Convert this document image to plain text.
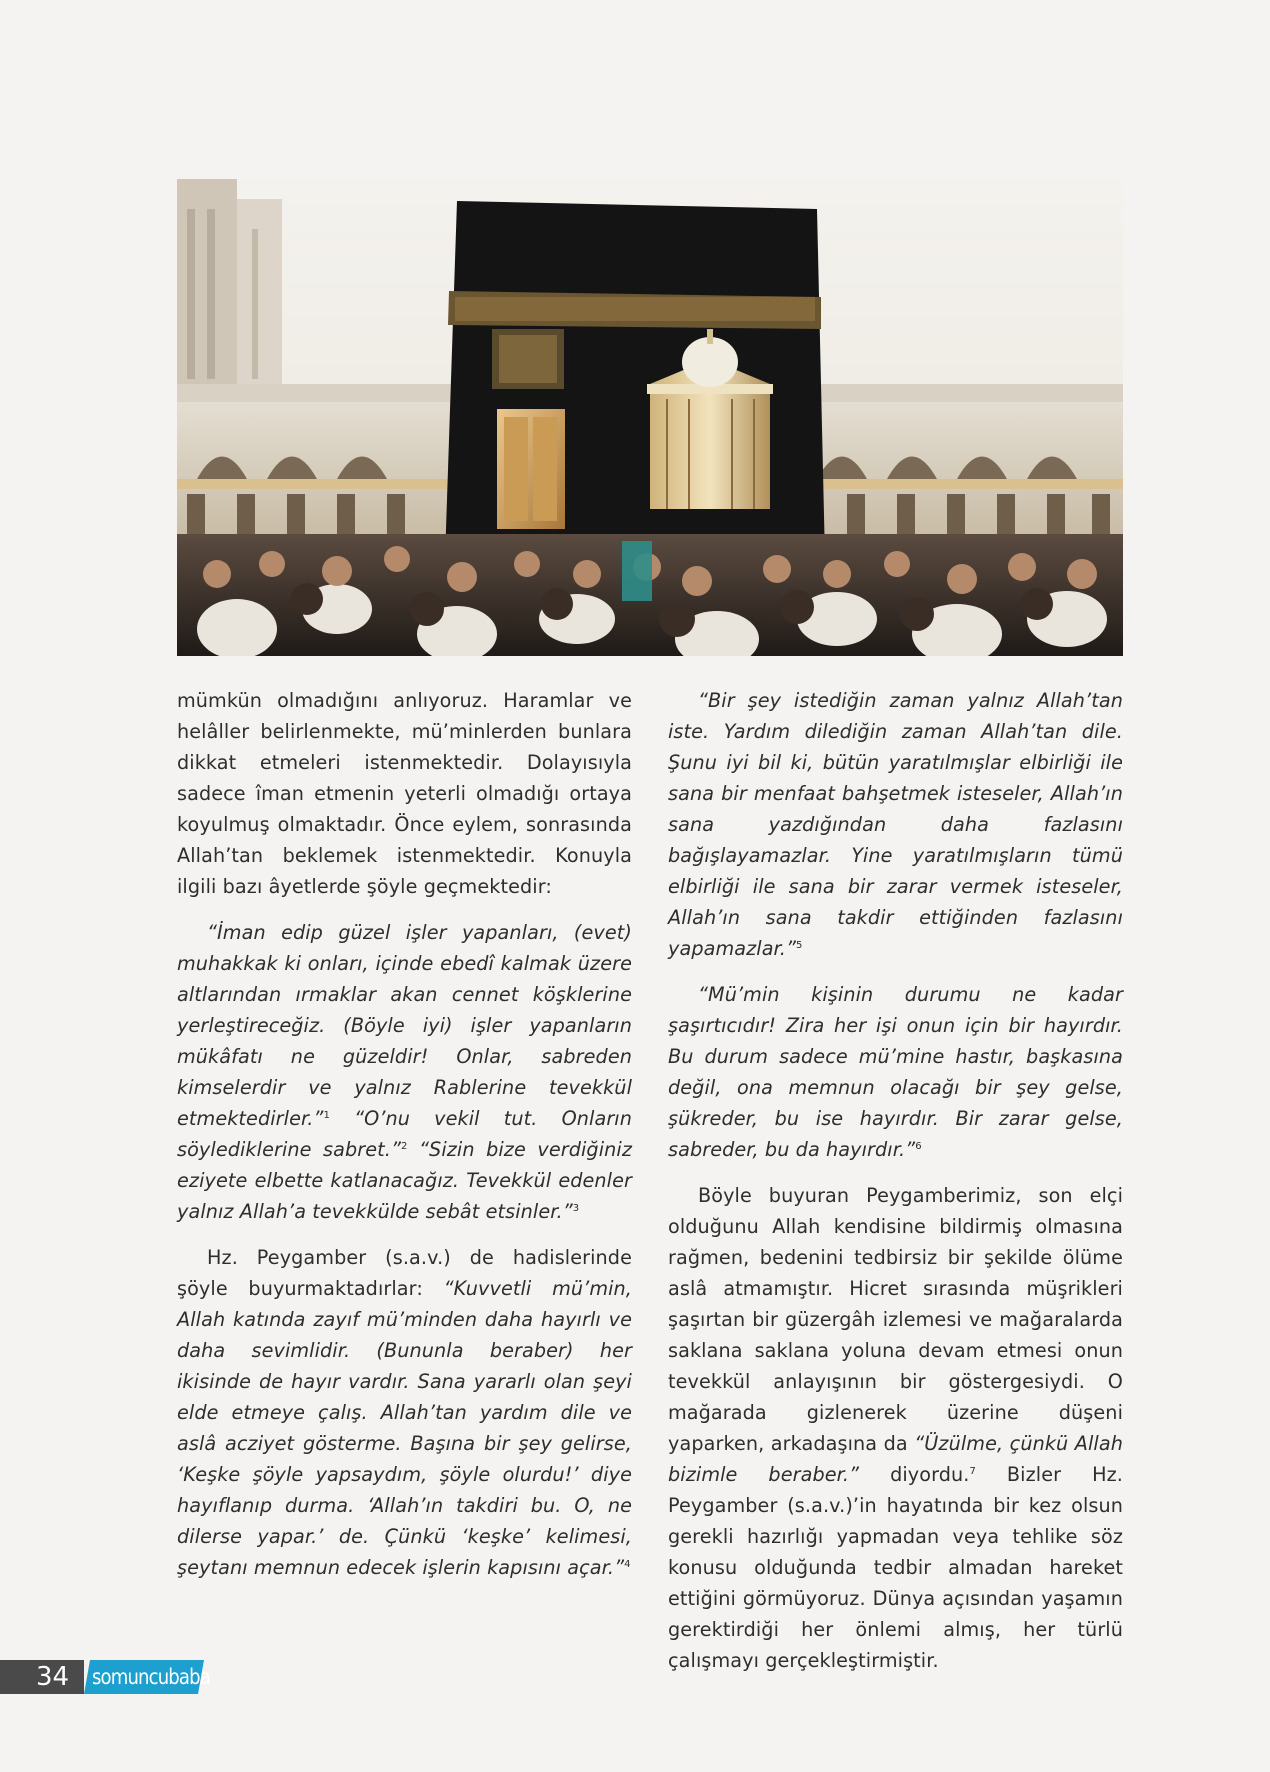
mümkün olmadığını anlıyoruz. Haramlar ve helâller belirlenmekte, mü’minlerden bunlara dikkat etmeleri istenmektedir. Dolayısıyla sadece îman etmenin yeterli olmadığı ortaya koyulmuş olmaktadır. Önce eylem, sonrasında Allah’tan beklemek istenmektedir. Konuyla ilgili bazı âyetlerde şöyle geçmektedir:

“İman edip güzel işler yapanları, (evet) muhakkak ki onları, içinde ebedî kalmak üzere altlarından ırmaklar akan cennet köşklerine yerleştireceğiz. (Böyle iyi) işler yapanların mükâfatı ne güzeldir! Onlar, sabreden kimselerdir ve yalnız Rablerine tevekkül etmektedirler.”$^1$ “O’nu vekil tut. Onların söylediklerine sabret.”$^2$ “Sizin bize verdiğiniz eziyete elbette katlanacağız. Tevekkül edenler yalnız Allah’a tevekkülde sebât etsinler.”$^3$

Hz. Peygamber (s.a.v.) de hadislerinde şöyle buyurmaktadırlar: “Kuvvetli mü’min, Allah katında zayıf mü’minden daha hayırlı ve daha sevimlidir. (Bununla beraber) her ikisinde de hayır vardır. Sana yararlı olan şeyi elde etmeye çalış. Allah’tan yardım dile ve aslâ acziyet gösterme. Başına bir şey gelirse, ‘Keşke şöyle yapsaydım, şöyle olurdu!’ diye hayıflanıp durma. ‘Allah’ın takdiri bu. O, ne dilerse yapar.’ de. Çünkü ‘keşke’ kelimesi, şeytanı memnun edecek işlerin kapısını açar.”$^4$

“Bir şey istediğin zaman yalnız Allah’tan iste. Yardım dilediğin zaman Allah’tan dile. Şunu iyi bil ki, bütün yaratılmışlar elbirliği ile sana bir menfaat bahşetmek isteseler, Allah’ın sana yazdığından daha fazlasını bağışlayamazlar. Yine yaratılmışların tümü elbirliği ile sana bir zarar vermek isteseler, Allah’ın sana takdir ettiğinden fazlasını yapamazlar.”$^5$

“Mü’min kişinin durumu ne kadar şaşırtıcıdır! Zira her işi onun için bir hayırdır. Bu durum sadece mü’mine hastır, başkasına değil, ona memnun olacağı bir şey gelse, şükreder, bu ise hayırdır. Bir zarar gelse, sabreder, bu da hayırdır.”$^6$

Böyle buyuran Peygamberimiz, son elçi olduğunu Allah kendisine bildirmiş olmasına rağmen, bedenini tedbirsiz bir şekilde ölüme aslâ atmamıştır. Hicret sırasında müşrikleri şaşırtan bir güzergâh izlemesi ve mağaralarda saklana saklana yoluna devam etmesi onun tevekkül anlayışının bir göstergesiydi. O mağarada gizlenerek üzerine düşeni yaparken, arkadaşına da “Üzülme, çünkü Allah bizimle beraber.” diyordu.$^7$ Bizler Hz. Peygamber (s.a.v.)’in hayatında bir kez olsun gerekli hazırlığı yapmadan veya tehlike söz konusu olduğunda tedbir almadan hareket ettiğini görmüyoruz. Dünya açısından yaşamın gerektirdiği her önlemi almış, her türlü çalışmayı gerçekleştirmiştir.

34 somuncubaba
